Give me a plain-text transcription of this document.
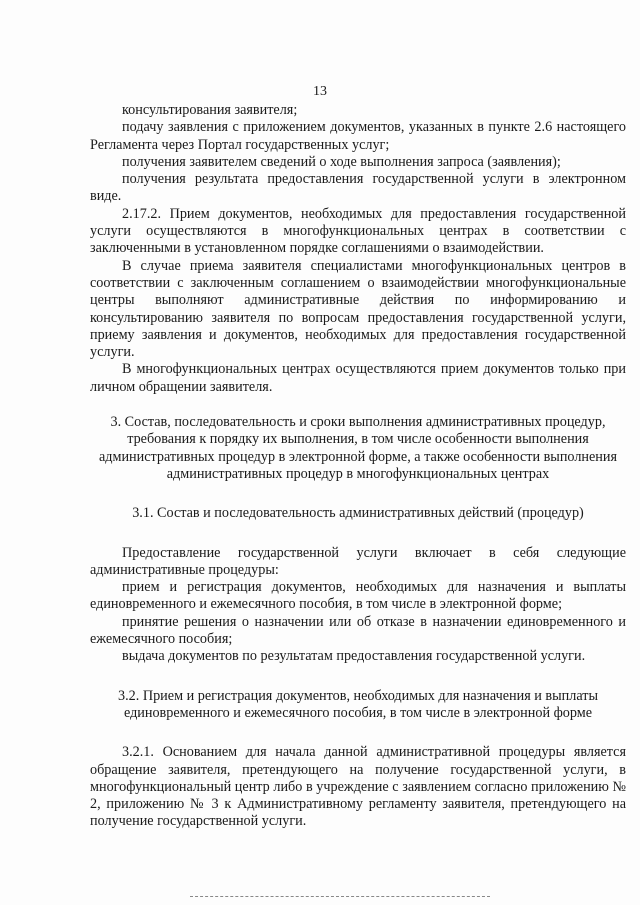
13

консультирования заявителя;

подачу заявления с приложением документов, указанных в пункте 2.6 настоящего Регламента через Портал государственных услуг;

получения заявителем сведений о ходе выполнения запроса (заявления);

получения результата предоставления государственной услуги в электронном виде.

2.17.2. Прием документов, необходимых для предоставления государственной услуги осуществляются в многофункциональных центрах в соответствии с заключенными в установленном порядке соглашениями о взаимодействии.

В случае приема заявителя специалистами многофункциональных центров в соответствии с заключенным соглашением о взаимодействии многофункциональные центры выполняют административные действия по информированию и консультированию заявителя по вопросам предоставления государственной услуги, приему заявления и документов, необходимых для предоставления государственной услуги.

В многофункциональных центрах осуществляются прием документов только при личном обращении заявителя.

3. Состав, последовательность и сроки выполнения административных процедур, требования к порядку их выполнения, в том числе особенности выполнения административных процедур в электронной форме, а также особенности выполнения административных процедур в многофункциональных центрах

3.1. Состав и последовательность административных действий (процедур)

Предоставление государственной услуги включает в себя следующие административные процедуры:

прием и регистрация документов, необходимых для назначения и выплаты единовременного и ежемесячного пособия, в том числе в электронной форме;

принятие решения о назначении или об отказе в назначении единовременного и ежемесячного пособия;

выдача документов по результатам предоставления государственной услуги.

3.2. Прием и регистрация документов, необходимых для назначения и выплаты единовременного и ежемесячного пособия, в том числе в электронной форме

3.2.1. Основанием для начала данной административной процедуры является обращение заявителя, претендующего на получение государственной услуги, в многофункциональный центр либо в учреждение с заявлением согласно приложению № 2, приложению № 3 к Административному регламенту заявителя, претендующего на получение государственной услуги.
